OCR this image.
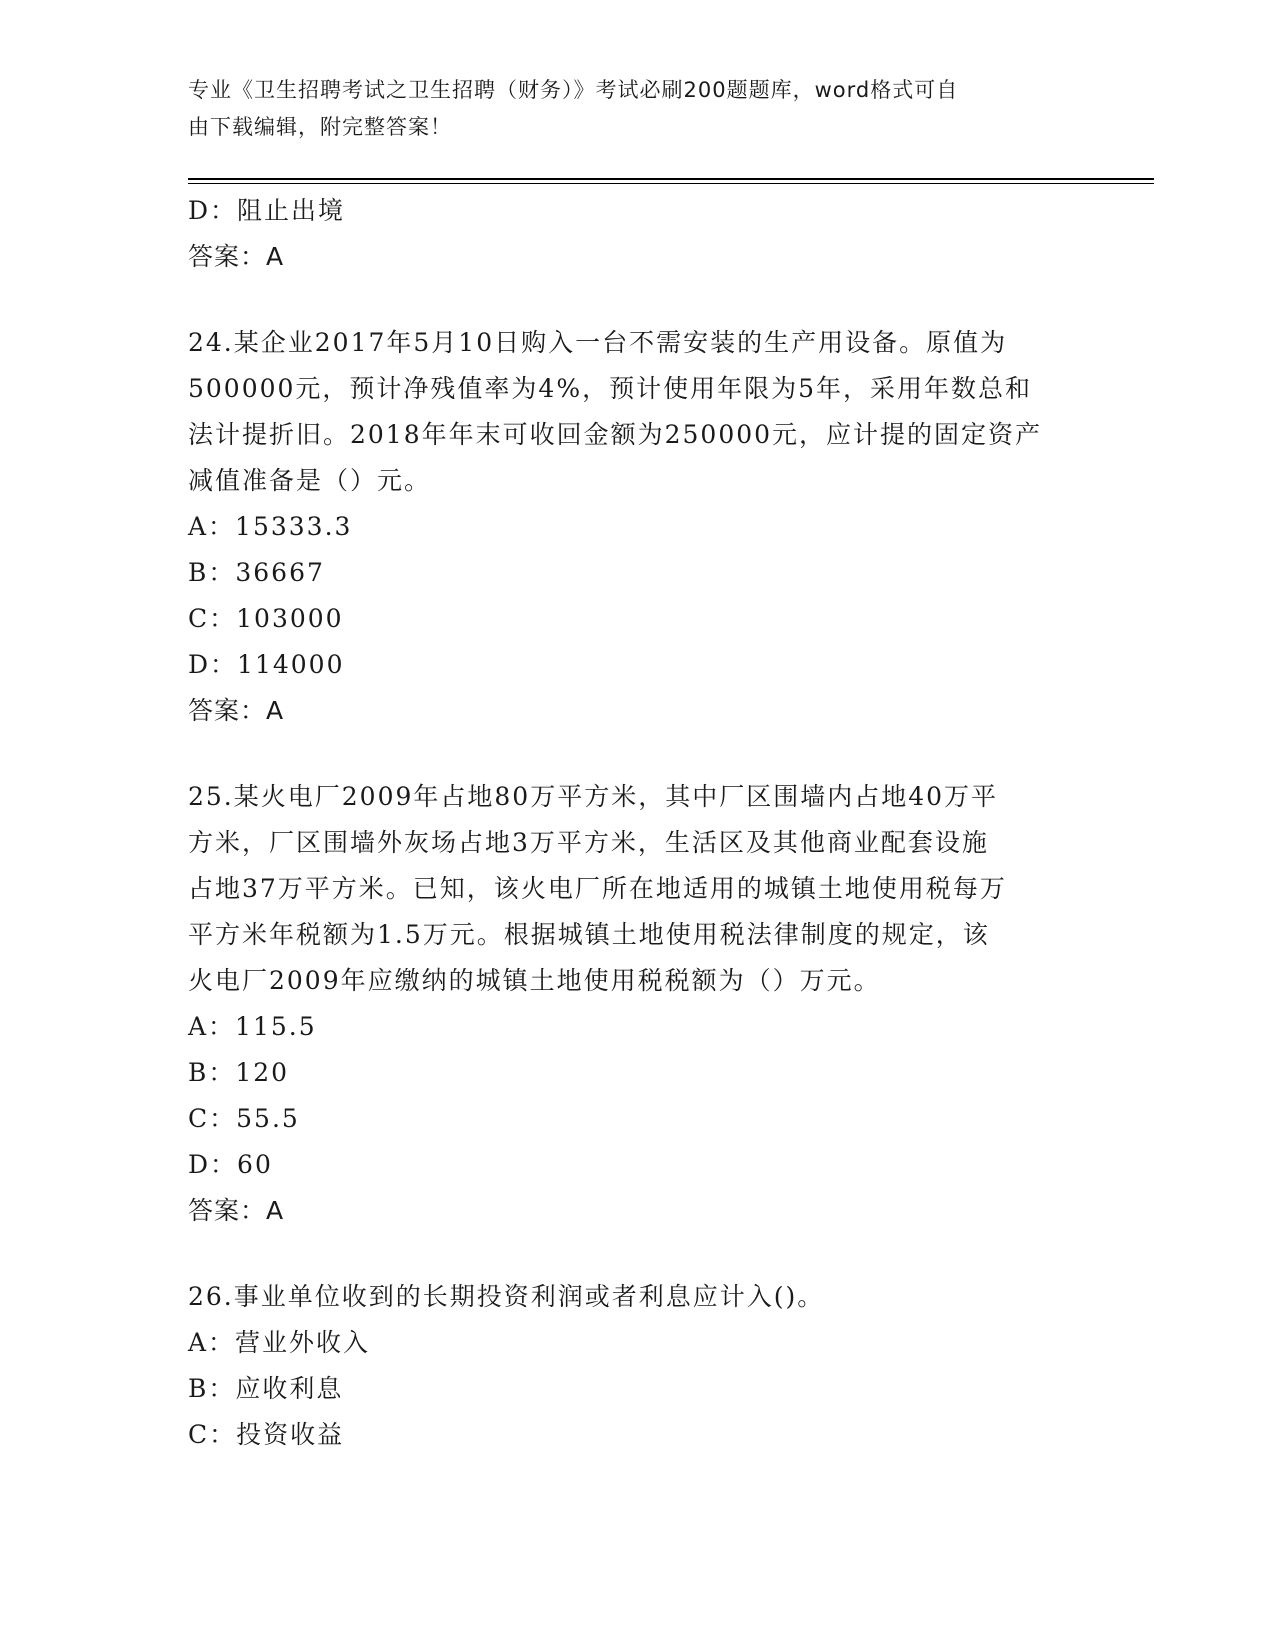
专业《卫生招聘考试之卫生招聘（财务）》考试必刷200题题库，word格式可自
由下载编辑，附完整答案！
D：阻止出境
答案：A
24.某企业2017年5月10日购入一台不需安装的生产用设备。原值为
500000元，预计净残值率为4%，预计使用年限为5年，采用年数总和
法计提折旧。2018年年末可收回金额为250000元，应计提的固定资产
减值准备是（）元。
A：15333.3
B：36667
C：103000
D：114000
答案：A
25.某火电厂2009年占地80万平方米，其中厂区围墙内占地40万平
方米，厂区围墙外灰场占地3万平方米，生活区及其他商业配套设施
占地37万平方米。已知，该火电厂所在地适用的城镇土地使用税每万
平方米年税额为1.5万元。根据城镇土地使用税法律制度的规定，该
火电厂2009年应缴纳的城镇土地使用税税额为（）万元。
A：115.5
B：120
C：55.5
D：60
答案：A
26.事业单位收到的长期投资利润或者利息应计入()。
A：营业外收入
B：应收利息
C：投资收益
